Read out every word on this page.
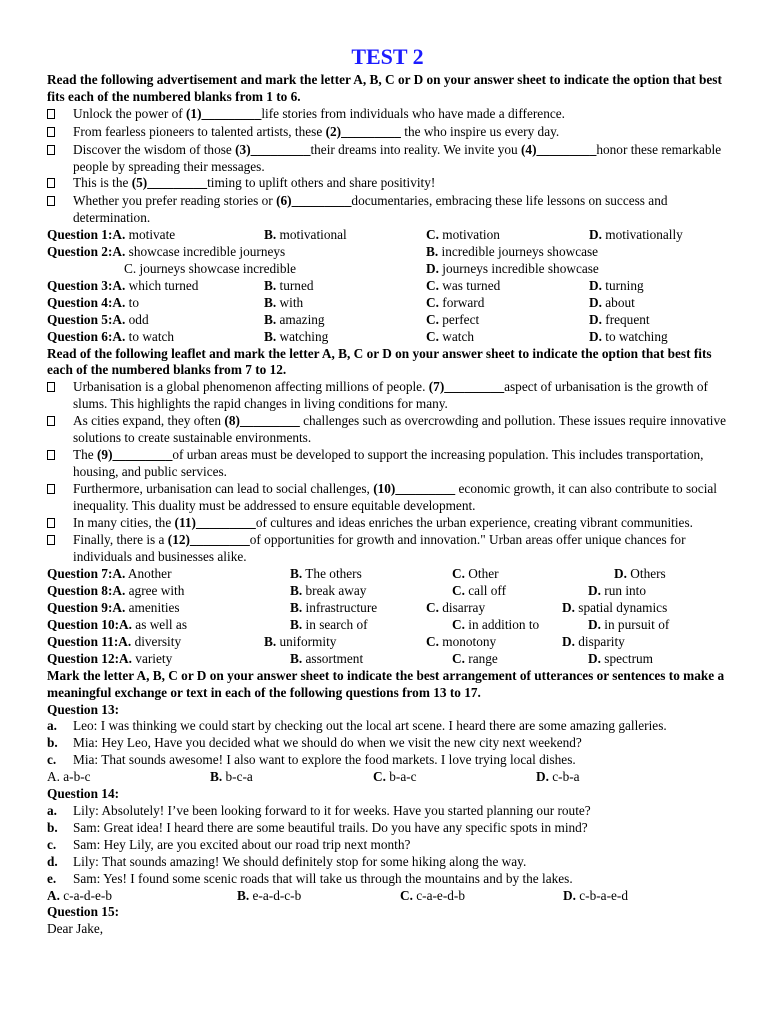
TEST 2
Read the following advertisement and mark the letter A, B, C or D on your answer sheet to indicate the option that best fits each of the numbered blanks from 1 to 6.
Unlock the power of (1)_________life stories from individuals who have made a difference.
From fearless pioneers to talented artists, these (2)_________ the who inspire us every day.
Discover the wisdom of those (3)_________their dreams into reality. We invite you (4)_________honor these remarkable people by spreading their messages.
This is the (5)_________timing to uplift others and share positivity!
Whether you prefer reading stories or (6)_________documentaries, embracing these life lessons on success and determination.
Question 1:A. motivate	B. motivational	C. motivation	D. motivationally
Question 2:A. showcase incredible journeys	B. incredible journeys showcase
C. journeys showcase incredible	D. journeys incredible showcase
Question 3:A. which turned	B. turned	C. was turned	D. turning
Question 4:A. to	B. with	C. forward	D. about
Question 5:A. odd	B. amazing	C. perfect	D. frequent
Question 6:A. to watch	B. watching	C. watch	D. to watching
Read of the following leaflet and mark the letter A, B, C or D on your answer sheet to indicate the option that best fits each of the numbered blanks from 7 to 12.
Urbanisation is a global phenomenon affecting millions of people. (7)_________aspect of urbanisation is the growth of slums. This highlights the rapid changes in living conditions for many.
As cities expand, they often (8)_________ challenges such as overcrowding and pollution. These issues require innovative solutions to create sustainable environments.
The (9)_________of urban areas must be developed to support the increasing population. This includes transportation, housing, and public services.
Furthermore, urbanisation can lead to social challenges, (10)_________ economic growth, it can also contribute to social inequality. This duality must be addressed to ensure equitable development.
In many cities, the (11)_________of cultures and ideas enriches the urban experience, creating vibrant communities.
Finally, there is a (12)_________of opportunities for growth and innovation." Urban areas offer unique chances for individuals and businesses alike.
Question 7:A. Another	B. The others	C. Other	D. Others
Question 8:A. agree with	B. break away	C. call off	D. run into
Question 9:A. amenities	B. infrastructure	C. disarray	D. spatial dynamics
Question 10:A. as well as	B. in search of	C. in addition to	D. in pursuit of
Question 11:A. diversity	B. uniformity	C. monotony	D. disparity
Question 12:A. variety	B. assortment	C. range	D. spectrum
Mark the letter A, B, C or D on your answer sheet to indicate the best arrangement of utterances or sentences to make a meaningful exchange or text in each of the following questions from 13 to 17.
Question 13:
a.	Leo: I was thinking we could start by checking out the local art scene. I heard there are some amazing galleries.
b.	Mia: Hey Leo, Have you decided what we should do when we visit the new city next weekend?
c.	Mia: That sounds awesome! I also want to explore the food markets. I love trying local dishes.
A. a-b-c	B. b-c-a	C. b-a-c	D. c-b-a
Question 14:
a.	Lily: Absolutely! I’ve been looking forward to it for weeks. Have you started planning our route?
b.	Sam: Great idea! I heard there are some beautiful trails. Do you have any specific spots in mind?
c.	Sam: Hey Lily, are you excited about our road trip next month?
d.	Lily: That sounds amazing! We should definitely stop for some hiking along the way.
e.	Sam: Yes! I found some scenic roads that will take us through the mountains and by the lakes.
A. c-a-d-e-b	B. e-a-d-c-b	C. c-a-e-d-b	D. c-b-a-e-d
Question 15:
Dear Jake,
